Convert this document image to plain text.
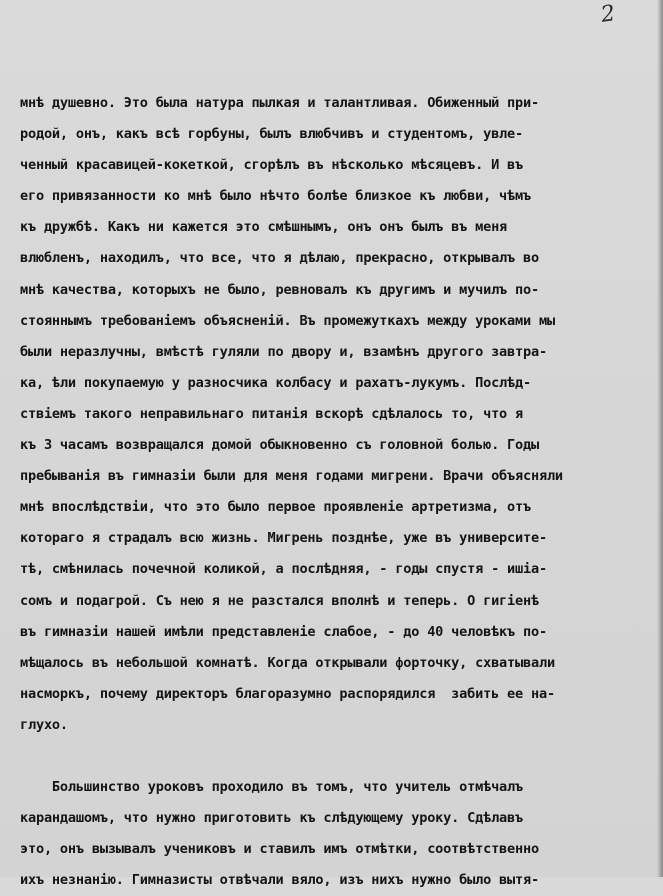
2
мнѣ душевно. Это была натура пылкая и талантливая. Обиженный при-
родой, онъ, какъ всѣ горбуны, былъ влюбчивъ и студентомъ, увле-
ченный красавицей-кокеткой, сгорѣлъ въ нѣсколько мѣсяцевъ. И въ
его привязанности ко мнѣ было нѣчто болѣе близкое къ любви, чѣмъ
къ дружбѣ. Какъ ни кажется это смѣшнымъ, онъ онъ былъ въ меня
влюбленъ, находилъ, что все, что я дѣлаю, прекрасно, открывалъ во
мнѣ качества, которыхъ не было, ревновалъ къ другимъ и мучилъ по-
стояннымъ требованiемъ объясненiй. Въ промежуткахъ между уроками мы
были неразлучны, вмѣстѣ гуляли по двору и, взамѣнъ другого завтра-
ка, ѣли покупаемую у разносчика колбасу и рахатъ-лукумъ. Послѣд-
ствiемъ такого неправильнаго питанiя вскорѣ сдѣлалось то, что я
къ 3 часамъ возвращался домой обыкновенно съ головной болью. Годы
пребыванiя въ гимназiи были для меня годами мигрени. Врачи объясняли
мнѣ впослѣдствiи, что это было первое проявленiе артретизма, отъ
котораго я страдалъ всю жизнь. Мигрень позднѣе, уже въ университе-
тѣ, смѣнилась почечной коликой, а послѣдняя, - годы спустя - ишiа-
сомъ и подагрой. Съ нею я не разстался вполнѣ и теперь. О гигiенѣ
въ гимназiи нашей имѣли представленiе слабое, - до 40 человѣкъ по-
мѣщалось въ небольшой комнатѣ. Когда открывали форточку, схватывали
насморкъ, почему директоръ благоразумно распорядился  забить ее на-
глухо.
Большинство уроковъ проходило въ томъ, что учитель отмѣчалъ
карандашомъ, что нужно приготовить къ слѣдующему уроку. Сдѣлавъ
это, онъ вызывалъ учениковъ и ставилъ имъ отмѣтки, соотвѣтственно
ихъ незнанiю. Гимназисты отвѣчали вяло, изъ нихъ нужно было вытя-
